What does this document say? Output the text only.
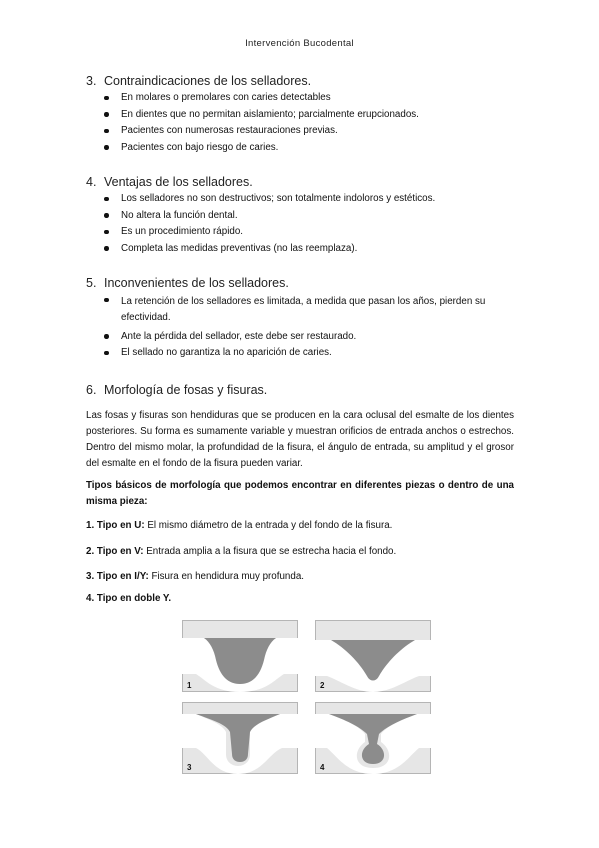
Intervención Bucodental

3. Contraindicaciones de los selladores.

En molares o premolares con caries detectables
En dientes que no permitan aislamiento; parcialmente erupcionados.
Pacientes con numerosas restauraciones previas.
Pacientes con bajo riesgo de caries.

4. Ventajas de los selladores.

Los selladores no son destructivos; son totalmente indoloros y estéticos.
No altera la función dental.
Es un procedimiento rápido.
Completa las medidas preventivas (no las reemplaza).

5. Inconvenientes de los selladores.

La retención de los selladores es limitada, a medida que pasan los años, pierden su efectividad.
Ante la pérdida del sellador, este debe ser restaurado.
El sellado no garantiza la no aparición de caries.

6. Morfología de fosas y fisuras.

Las fosas y fisuras son hendiduras que se producen en la cara oclusal del esmalte de los dientes posteriores. Su forma es sumamente variable y muestran orificios de entrada anchos o estrechos. Dentro del mismo molar, la profundidad de la fisura, el ángulo de entrada, su amplitud y el grosor del esmalte en el fondo de la fisura pueden variar.

Tipos básicos de morfología que podemos encontrar en diferentes piezas o dentro de una misma pieza:

1. Tipo en U: El mismo diámetro de la entrada y del fondo de la fisura.
2. Tipo en V: Entrada amplia a la fisura que se estrecha hacia el fondo.
3. Tipo en I/Y: Fisura en hendidura muy profunda.
4. Tipo en doble Y.
1	2
3	4
